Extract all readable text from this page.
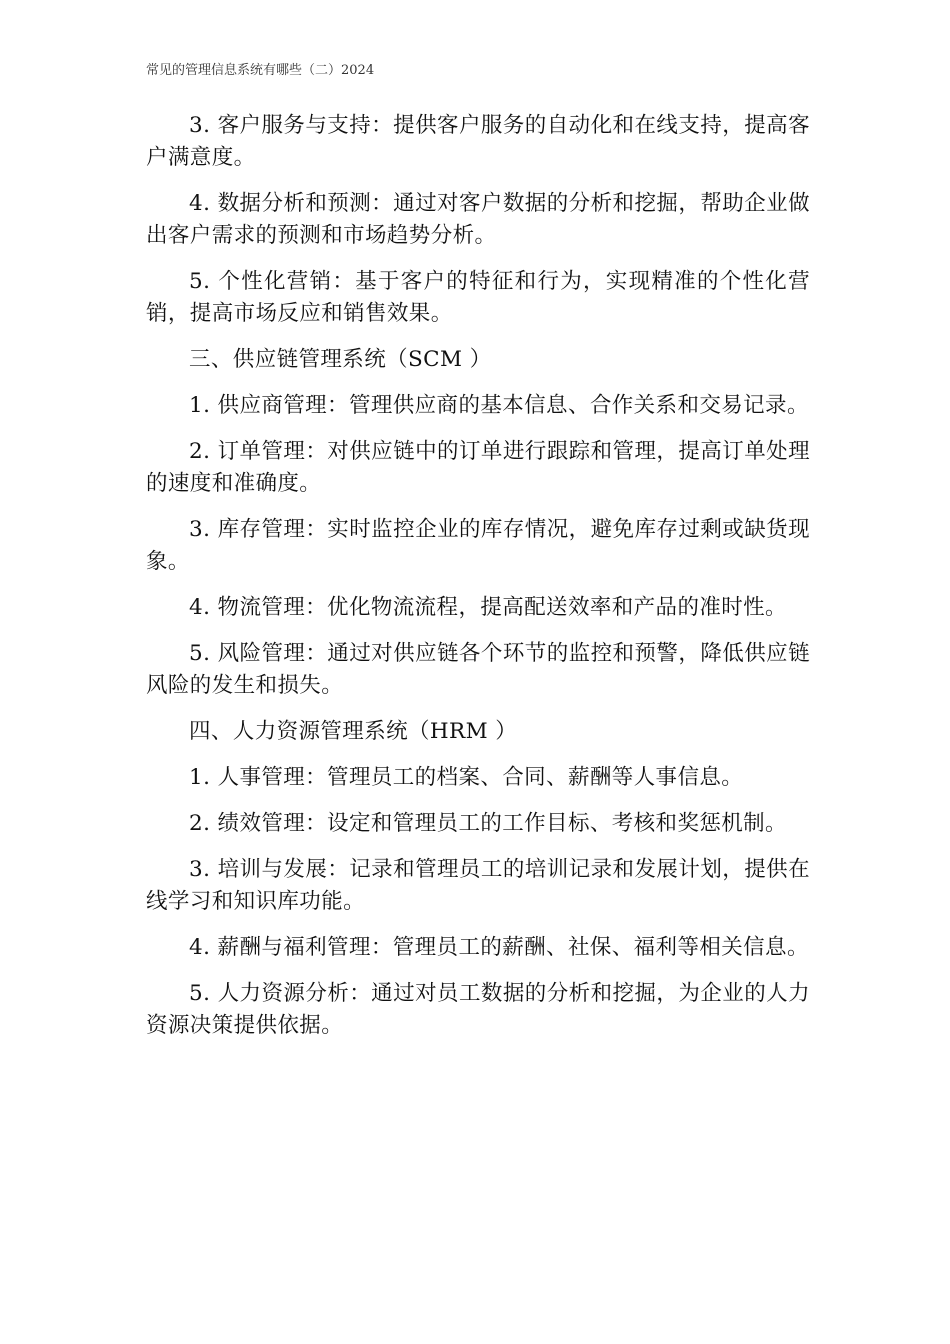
常见的管理信息系统有哪些（二）2024

3. 客户服务与支持：提供客户服务的自动化和在线支持，提高客户满意度。

4. 数据分析和预测：通过对客户数据的分析和挖掘，帮助企业做出客户需求的预测和市场趋势分析。

5. 个性化营销：基于客户的特征和行为，实现精准的个性化营销，提高市场反应和销售效果。

三、供应链管理系统（SCM ）

1. 供应商管理：管理供应商的基本信息、合作关系和交易记录。

2. 订单管理：对供应链中的订单进行跟踪和管理，提高订单处理的速度和准确度。

3. 库存管理：实时监控企业的库存情况，避免库存过剩或缺货现象。

4. 物流管理：优化物流流程，提高配送效率和产品的准时性。

5. 风险管理：通过对供应链各个环节的监控和预警，降低供应链风险的发生和损失。

四、人力资源管理系统（HRM ）

1. 人事管理：管理员工的档案、合同、薪酬等人事信息。

2. 绩效管理：设定和管理员工的工作目标、考核和奖惩机制。

3. 培训与发展：记录和管理员工的培训记录和发展计划，提供在线学习和知识库功能。

4. 薪酬与福利管理：管理员工的薪酬、社保、福利等相关信息。

5. 人力资源分析：通过对员工数据的分析和挖掘，为企业的人力资源决策提供依据。
